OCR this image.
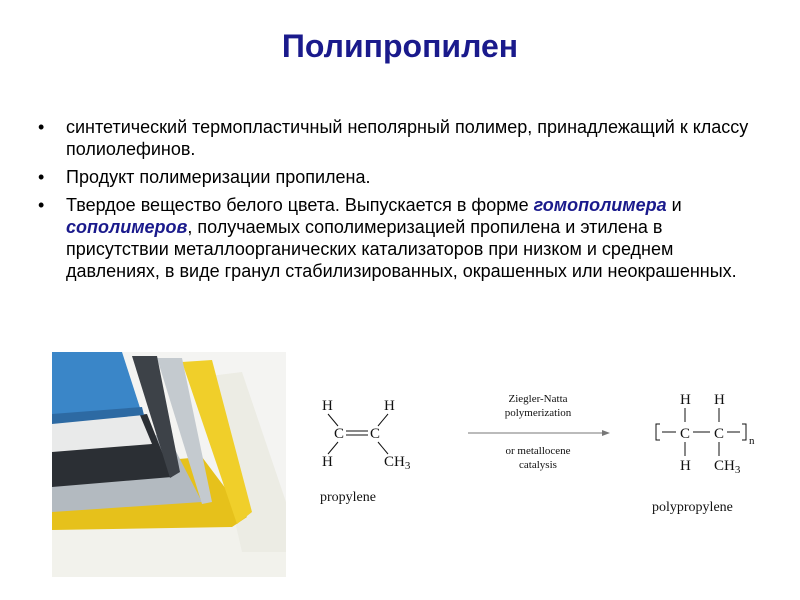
Полипропилен
• синтетический термопластичный неполярный полимер, принадлежащий к классу полиолефинов.
• Продукт полимеризации пропилена.
• Твердое вещество белого цвета. Выпускается в форме гомополимера и сополимеров, получаемых сополимеризацией пропилена и этилена в присутствии металлоорганических катализаторов при низком и среднем давлениях, в виде гранул стабилизированных, окрашенных или неокрашенных.
H	H
C C
H	$CH_3$
propylene
Ziegler-Natta
polymerization
or metallocene
catalysis
H H
C C n
H $CH_3$
polypropylene
